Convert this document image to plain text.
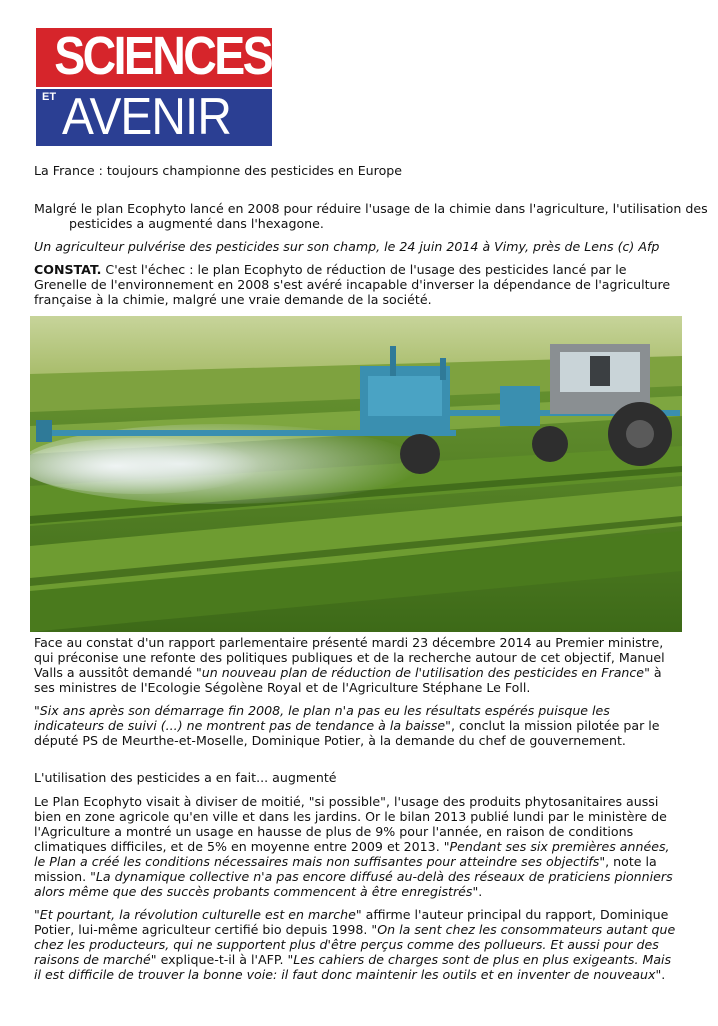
SCIENCES
ET AVENIR

La France : toujours championne des pesticides en Europe

Malgré le plan Ecophyto lancé en 2008 pour réduire l'usage de la chimie dans l'agriculture, l'utilisation des pesticides a augmenté dans l'hexagone.

Un agriculteur pulvérise des pesticides sur son champ, le 24 juin 2014 à Vimy, près de Lens (c) Afp

CONSTAT. C'est l'échec : le plan Ecophyto de réduction de l'usage des pesticides lancé par le Grenelle de l'environnement en 2008 s'est avéré incapable d'inverser la dépendance de l'agriculture française à la chimie, malgré une vraie demande de la société.

Face au constat d'un rapport parlementaire présenté mardi 23 décembre 2014 au Premier ministre, qui préconise une refonte des politiques publiques et de la recherche autour de cet objectif, Manuel Valls a aussitôt demandé "un nouveau plan de réduction de l'utilisation des pesticides en France" à ses ministres de l'Ecologie Ségolène Royal et de l'Agriculture Stéphane Le Foll.

"Six ans après son démarrage fin 2008, le plan n'a pas eu les résultats espérés puisque les indicateurs de suivi (...) ne montrent pas de tendance à la baisse", conclut la mission pilotée par le député PS de Meurthe-et-Moselle, Dominique Potier, à la demande du chef de gouvernement.

L'utilisation des pesticides a en fait... augmenté

Le Plan Ecophyto visait à diviser de moitié, "si possible", l'usage des produits phytosanitaires aussi bien en zone agricole qu'en ville et dans les jardins. Or le bilan 2013 publié lundi par le ministère de l'Agriculture a montré un usage en hausse de plus de 9% pour l'année, en raison de conditions climatiques difficiles, et de 5% en moyenne entre 2009 et 2013. "Pendant ses six premières années, le Plan a créé les conditions nécessaires mais non suffisantes pour atteindre ses objectifs", note la mission. "La dynamique collective n'a pas encore diffusé au-delà des réseaux de praticiens pionniers alors même que des succès probants commencent à être enregistrés".

"Et pourtant, la révolution culturelle est en marche" affirme l'auteur principal du rapport, Dominique Potier, lui-même agriculteur certifié bio depuis 1998. "On la sent chez les consommateurs autant que chez les producteurs, qui ne supportent plus d'être perçus comme des pollueurs. Et aussi pour des raisons de marché" explique-t-il à l'AFP. "Les cahiers de charges sont de plus en plus exigeants. Mais il est difficile de trouver la bonne voie: il faut donc maintenir les outils et en inventer de nouveaux".
